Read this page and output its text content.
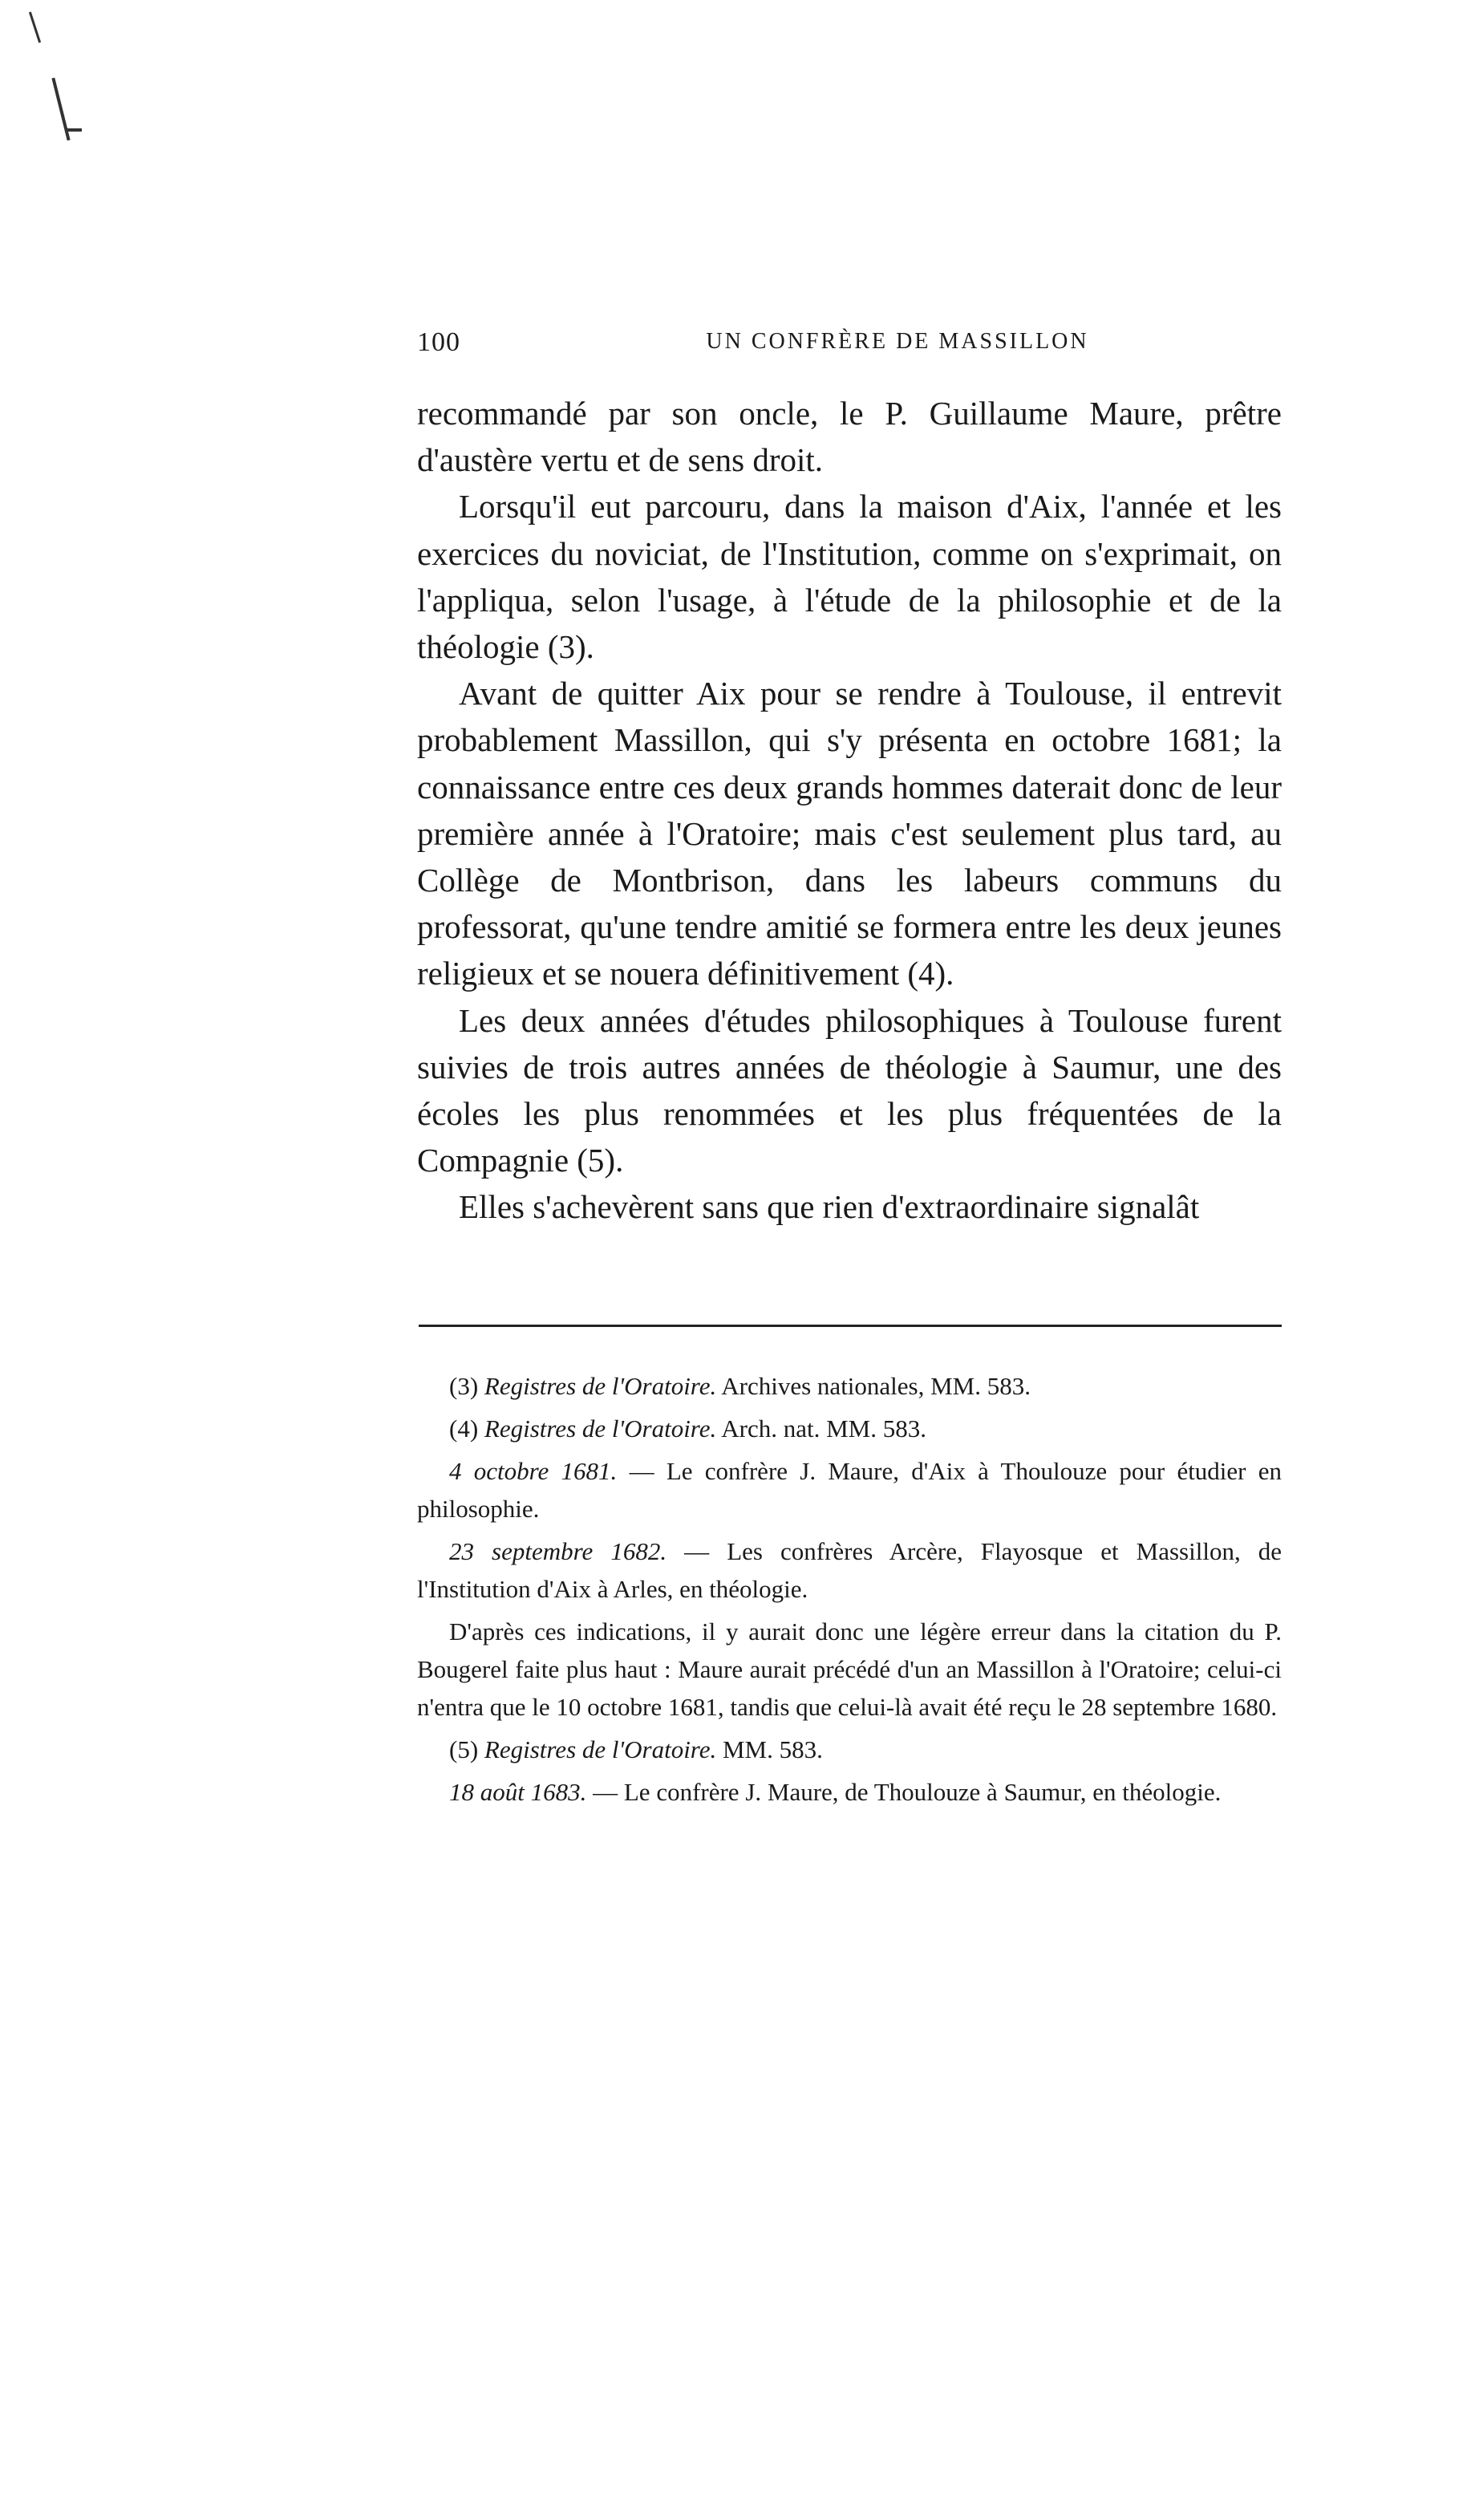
100	UN CONFRÈRE DE MASSILLON

recommandé par son oncle, le P. Guillaume Maure, prêtre d'austère vertu et de sens droit.

Lorsqu'il eut parcouru, dans la maison d'Aix, l'année et les exercices du noviciat, de l'Institution, comme on s'exprimait, on l'appliqua, selon l'usage, à l'étude de la philosophie et de la théologie (3).

Avant de quitter Aix pour se rendre à Toulouse, il entrevit probablement Massillon, qui s'y présenta en octobre 1681; la connaissance entre ces deux grands hommes daterait donc de leur première année à l'Oratoire; mais c'est seulement plus tard, au Collège de Montbrison, dans les labeurs communs du professorat, qu'une tendre amitié se formera entre les deux jeunes religieux et se nouera définitivement (4).

Les deux années d'études philosophiques à Toulouse furent suivies de trois autres années de théologie à Saumur, une des écoles les plus renommées et les plus fréquentées de la Compagnie (5).

Elles s'achevèrent sans que rien d'extraordinaire signalât

(3) Registres de l'Oratoire. Archives nationales, MM. 583.

(4) Registres de l'Oratoire. Arch. nat. MM. 583.

4 octobre 1681. — Le confrère J. Maure, d'Aix à Thoulouze pour étudier en philosophie.

23 septembre 1682. — Les confrères Arcère, Flayosque et Massillon, de l'Institution d'Aix à Arles, en théologie.

D'après ces indications, il y aurait donc une légère erreur dans la citation du P. Bougerel faite plus haut : Maure aurait précédé d'un an Massillon à l'Oratoire; celui-ci n'entra que le 10 octobre 1681, tandis que celui-là avait été reçu le 28 septembre 1680.

(5) Registres de l'Oratoire. MM. 583.

18 août 1683. — Le confrère J. Maure, de Thoulouze à Saumur, en théologie.
